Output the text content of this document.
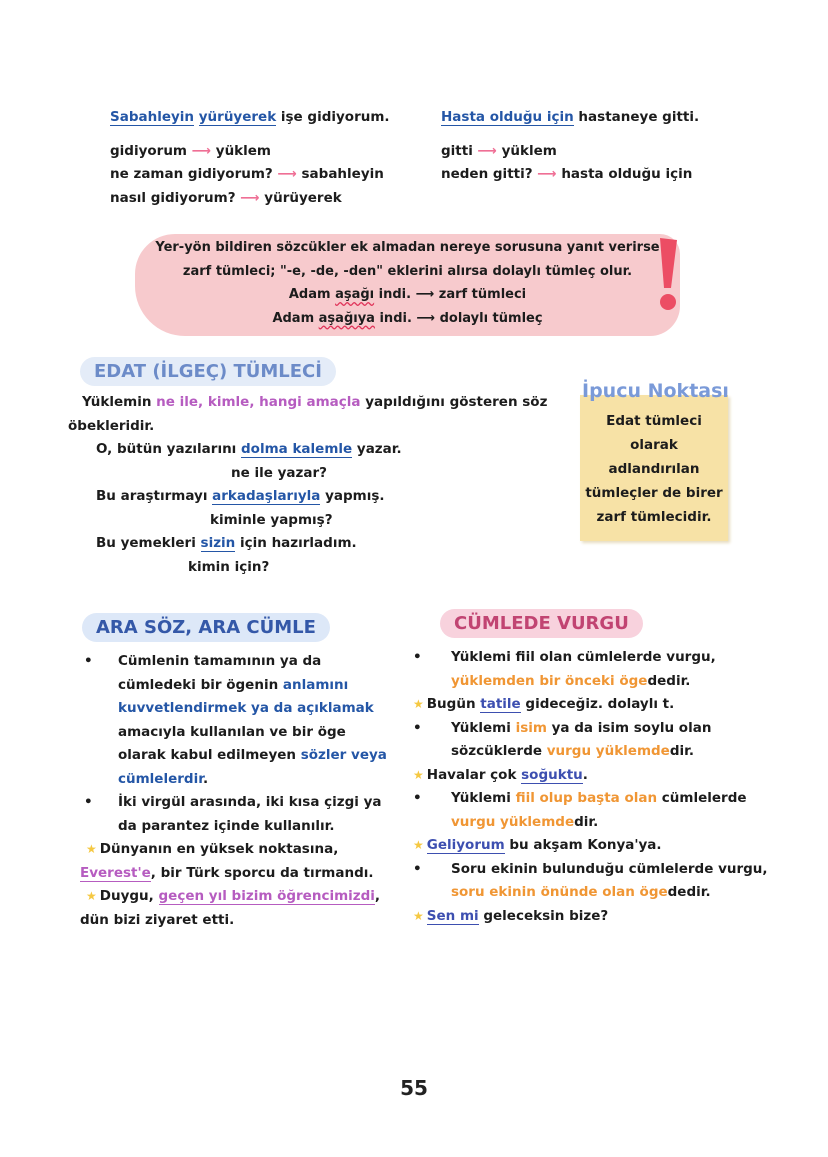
Sabahleyin yürüyerek işe gidiyorum.
gidiyorum ⟶ yüklem
ne zaman gidiyorum? ⟶ sabahleyin
nasıl gidiyorum? ⟶ yürüyerek
Hasta olduğu için hastaneye gitti.
gitti ⟶ yüklem
neden gitti? ⟶ hasta olduğu için
Yer-yön bildiren sözcükler ek almadan nereye sorusuna yanıt verirse
zarf tümleci; "-e, -de, -den" eklerini alırsa dolaylı tümleç olur.
Adam aşağı indi. ⟶ zarf tümleci
Adam aşağıya indi. ⟶ dolaylı tümleç
EDAT (İLGEÇ) TÜMLECİ
Yüklemin ne ile, kimle, hangi amaçla yapıldığını gösteren söz
öbekleridir.
O, bütün yazılarını dolma kalemle yazar.
ne ile yazar?
Bu araştırmayı arkadaşlarıyla yapmış.
kiminle yapmış?
Bu yemekleri sizin için hazırladım.
kimin için?
Edat tümleci
olarak
adlandırılan
tümleçler de birer
zarf tümlecidir.
İpucu Noktası
ARA SÖZ, ARA CÜMLE
• Cümlenin tamamının ya da
cümledeki bir ögenin anlamını
kuvvetlendirmek ya da açıklamak
amacıyla kullanılan ve bir öge
olarak kabul edilmeyen sözler veya
cümlelerdir.
• İki virgül arasında, iki kısa çizgi ya
da parantez içinde kullanılır.
★ Dünyanın en yüksek noktasına,
Everest'e, bir Türk sporcu da tırmandı.
★ Duygu, geçen yıl bizim öğrencimizdi,
dün bizi ziyaret etti.
CÜMLEDE VURGU
• Yüklemi fiil olan cümlelerde vurgu,
yüklemden bir önceki ögededir.
★ Bugün tatile gideceğiz. dolaylı t.
• Yüklemi isim ya da isim soylu olan
sözcüklerde vurgu yüklemdedir.
★ Havalar çok soğuktu.
• Yüklemi fiil olup başta olan cümlelerde
vurgu yüklemdedir.
★ Geliyorum bu akşam Konya'ya.
• Soru ekinin bulunduğu cümlelerde vurgu,
soru ekinin önünde olan ögededir.
★ Sen mi geleceksin bize?
55
